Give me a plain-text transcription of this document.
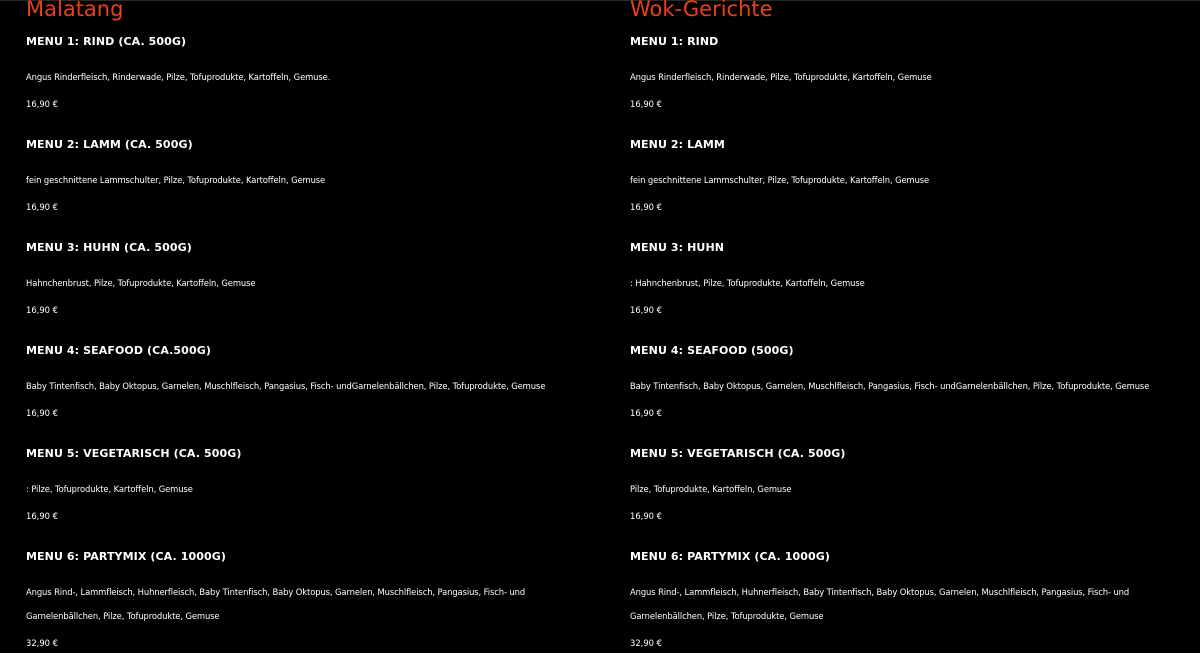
Malatang
MENU 1: RIND (CA. 500G)
Angus Rinderfleisch, Rinderwade, Pilze, Tofuprodukte, Kartoffeln, Gemuse.
16,90 €
MENU 2: LAMM (CA. 500G)
fein geschnittene Lammschulter, Pilze, Tofuprodukte, Kartoffeln, Gemuse
16,90 €
MENU 3: HUHN (CA. 500G)
Hahnchenbrust, Pilze, Tofuprodukte, Kartoffeln, Gemuse
16,90 €
MENU 4: SEAFOOD (CA.500G)
Baby Tintenfisch, Baby Oktopus, Garnelen, Muschlfleisch, Pangasius, Fisch- undGarnelenbällchen, Pilze, Tofuprodukte, Gemuse
16,90 €
MENU 5: VEGETARISCH (CA. 500G)
: Pilze, Tofuprodukte, Kartoffeln, Gemuse
16,90 €
MENU 6: PARTYMIX (CA. 1000G)
Angus Rind-, Lammfleisch, Huhnerfleisch, Baby Tintenfisch, Baby Oktopus, Garnelen, Muschlfleisch, Pangasius, Fisch- und
Garnelenbällchen, Pilze, Tofuprodukte, Gemuse
32,90 €
Wok-Gerichte
MENU 1: RIND
Angus Rinderfleisch, Rinderwade, Pilze, Tofuprodukte, Kartoffeln, Gemuse
16,90 €
MENU 2: LAMM
fein geschnittene Lammschulter, Pilze, Tofuprodukte, Kartoffeln, Gemuse
16,90 €
MENU 3: HUHN
: Hahnchenbrust, Pilze, Tofuprodukte, Kartoffeln, Gemuse
16,90 €
MENU 4: SEAFOOD (500G)
Baby Tintenfisch, Baby Oktopus, Garnelen, Muschlfleisch, Pangasius, Fisch- undGarnelenbällchen, Pilze, Tofuprodukte, Gemuse
16,90 €
MENU 5: VEGETARISCH (CA. 500G)
Pilze, Tofuprodukte, Kartoffeln, Gemuse
16,90 €
MENU 6: PARTYMIX (CA. 1000G)
Angus Rind-, Lammfleisch, Huhnerfleisch, Baby Tintenfisch, Baby Oktopus, Garnelen, Muschlfleisch, Pangasius, Fisch- und
Garnelenbällchen, Pilze, Tofuprodukte, Gemuse
32,90 €
